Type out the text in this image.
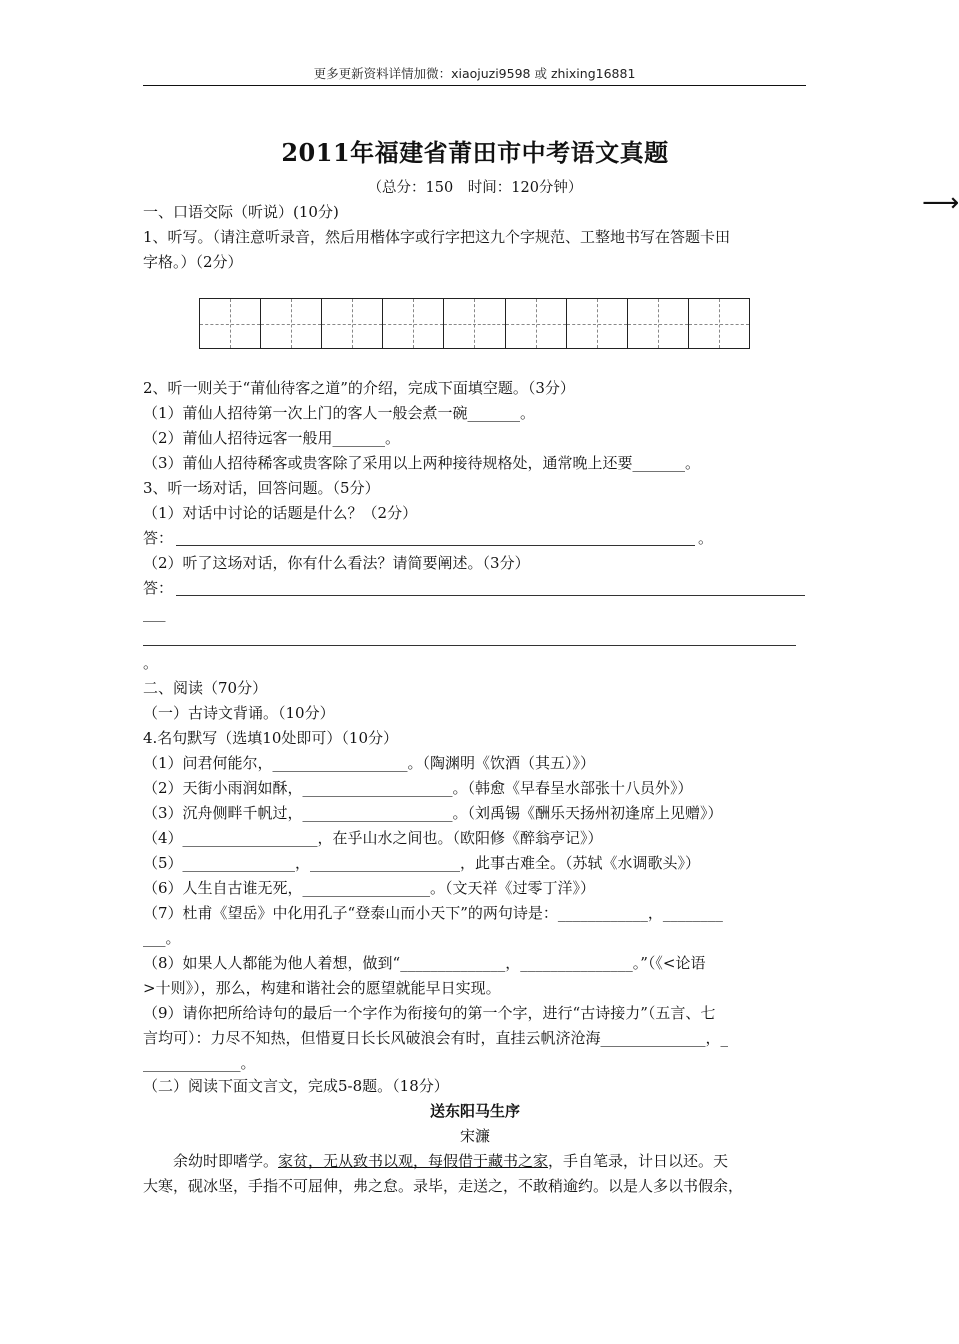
更多更新资料详情加微：xiaojuzi9598 或 zhixing16881
⟶
2011年福建省莆田市中考语文真题
（总分：150　时间：120分钟）
一、口语交际（听说）(10分)
1、听写。（请注意听录音，然后用楷体字或行字把这九个字规范、工整地书写在答题卡田
字格。）（2分）
2、听一则关于“莆仙待客之道”的介绍，完成下面填空题。（3分）
（1）莆仙人招待第一次上门的客人一般会煮一碗_______。
（2）莆仙人招待远客一般用_______。
（3）莆仙人招待稀客或贵客除了采用以上两种接待规格处，通常晚上还要_______。
3、听一场对话，回答问题。（5分）
（1）对话中讨论的话题是什么？（2分）
答：	。
（2）听了这场对话，你有什么看法？请简要阐述。（3分）
答：
___
。
二、阅读（70分）
（一）古诗文背诵。（10分）
4.名句默写（选填10处即可）（10分）
（1）问君何能尔，__________________。（陶渊明《饮酒（其五）》）
（2）天街小雨润如酥，____________________。（韩愈《早春呈水部张十八员外》）
（3）沉舟侧畔千帆过，____________________。（刘禹锡《酬乐天扬州初逢席上见赠》）
（4）__________________，在乎山水之间也。（欧阳修《醉翁亭记》）
（5）_______________，____________________，此事古难全。（苏轼《水调歌头》）
（6）人生自古谁无死，_________________。（文天祥《过零丁洋》）
（7）杜甫《望岳》中化用孔子“登泰山而小天下”的两句诗是：____________，________
___。
（8）如果人人都能为他人着想，做到“______________，_______________。”（《<论语
>十则》），那么，构建和谐社会的愿望就能早日实现。
（9）请你把所给诗句的最后一个字作为衔接句的第一个字，进行“古诗接力”（五言、七
言均可）：力尽不知热，但惜夏日长长风破浪会有时，直挂云帆济沧海______________，_
_____________。
（二）阅读下面文言文，完成5-8题。（18分）
送东阳马生序
宋濂
　　余幼时即嗜学。家贫，无从致书以观，每假借于藏书之家，手自笔录，计日以还。天
大寒，砚冰坚，手指不可屈伸，弗之怠。录毕，走送之，不敢稍逾约。以是人多以书假余，
